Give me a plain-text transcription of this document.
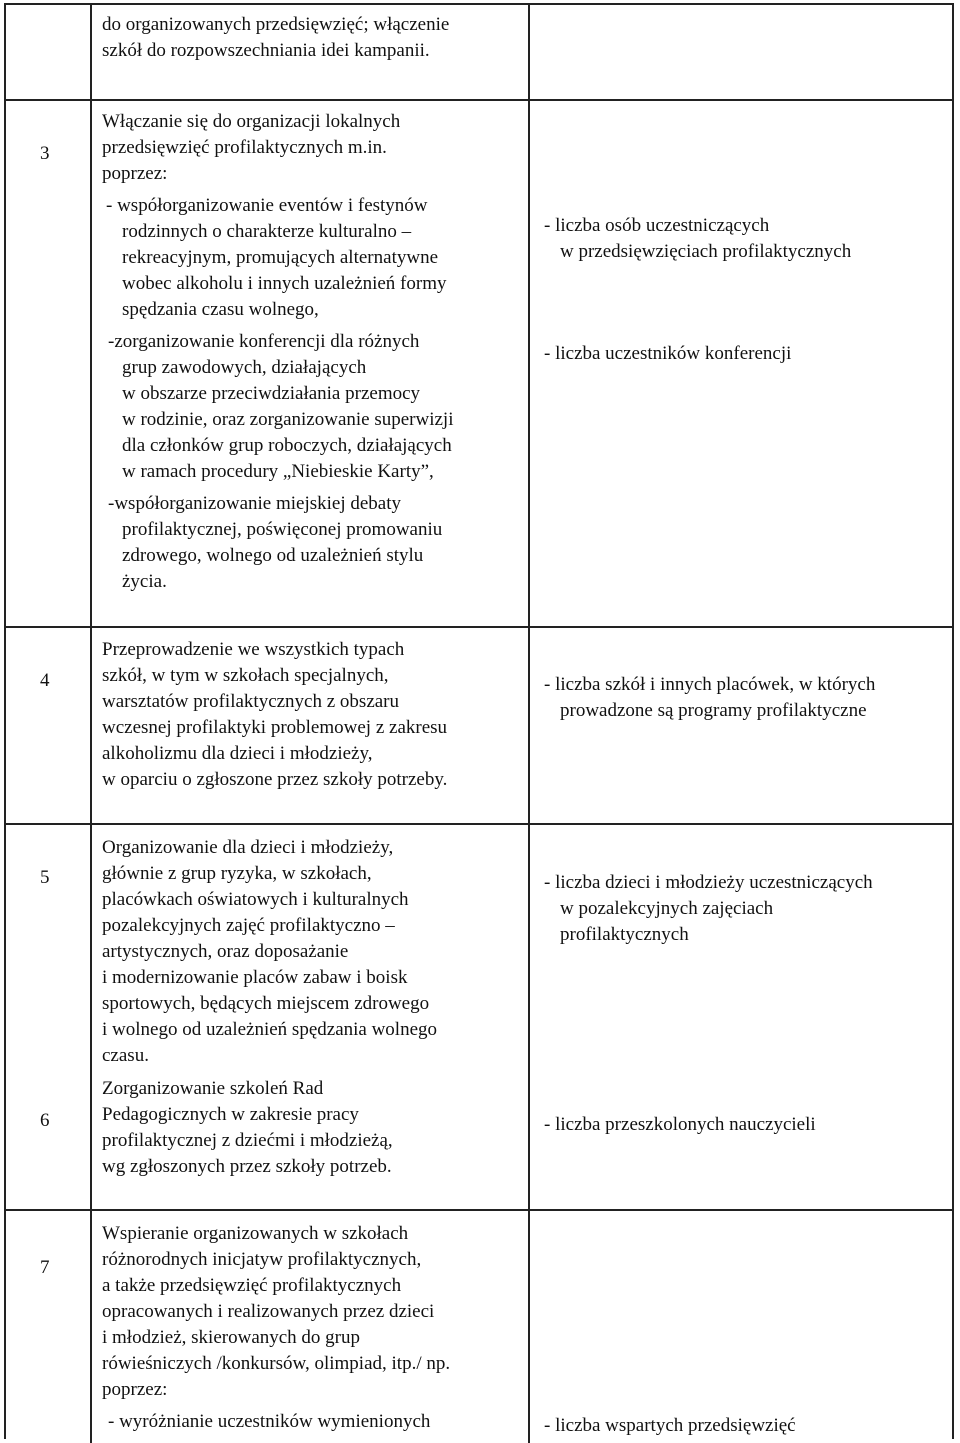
do organizowanych przedsięwzięć; włączenie
szkół do rozpowszechniania idei kampanii.
3
Włączanie się do organizacji lokalnych
przedsięwzięć profilaktycznych m.in.
poprzez:
- współorganizowanie eventów i festynów
rodzinnych o charakterze kulturalno –
rekreacyjnym, promujących alternatywne
wobec alkoholu i innych uzależnień formy
spędzania czasu wolnego,
-zorganizowanie konferencji dla różnych
grup zawodowych, działających
w obszarze przeciwdziałania przemocy
w rodzinie, oraz zorganizowanie superwizji
dla członków grup roboczych, działających
w ramach procedury „Niebieskie Karty”,
-współorganizowanie miejskiej debaty
profilaktycznej, poświęconej promowaniu
zdrowego, wolnego od uzależnień stylu
życia.
- liczba osób uczestniczących
w przedsięwzięciach profilaktycznych
- liczba uczestników konferencji
4
Przeprowadzenie we wszystkich typach
szkół, w tym w szkołach specjalnych,
warsztatów profilaktycznych z obszaru
wczesnej profilaktyki problemowej z zakresu
alkoholizmu dla dzieci i młodzieży,
w oparciu o zgłoszone przez szkoły potrzeby.
- liczba szkół i innych placówek, w których
prowadzone są programy profilaktyczne
5
6
Organizowanie dla dzieci i młodzieży,
głównie z grup ryzyka, w szkołach,
placówkach oświatowych i kulturalnych
pozalekcyjnych zajęć profilaktyczno –
artystycznych, oraz doposażanie
i modernizowanie placów zabaw i boisk
sportowych, będących miejscem zdrowego
i wolnego od uzależnień spędzania wolnego
czasu.
Zorganizowanie szkoleń Rad
Pedagogicznych w zakresie pracy
profilaktycznej z dziećmi i młodzieżą,
wg zgłoszonych przez szkoły potrzeb.
- liczba dzieci i młodzieży uczestniczących
w pozalekcyjnych zajęciach
profilaktycznych
- liczba przeszkolonych nauczycieli
7
Wspieranie organizowanych w szkołach
różnorodnych inicjatyw profilaktycznych,
a także przedsięwzięć profilaktycznych
opracowanych i realizowanych przez dzieci
i młodzież, skierowanych do grup
rówieśniczych /konkursów, olimpiad, itp./ np.
poprzez:
- wyróżnianie uczestników wymienionych	- liczba wspartych przedsięwzięć
